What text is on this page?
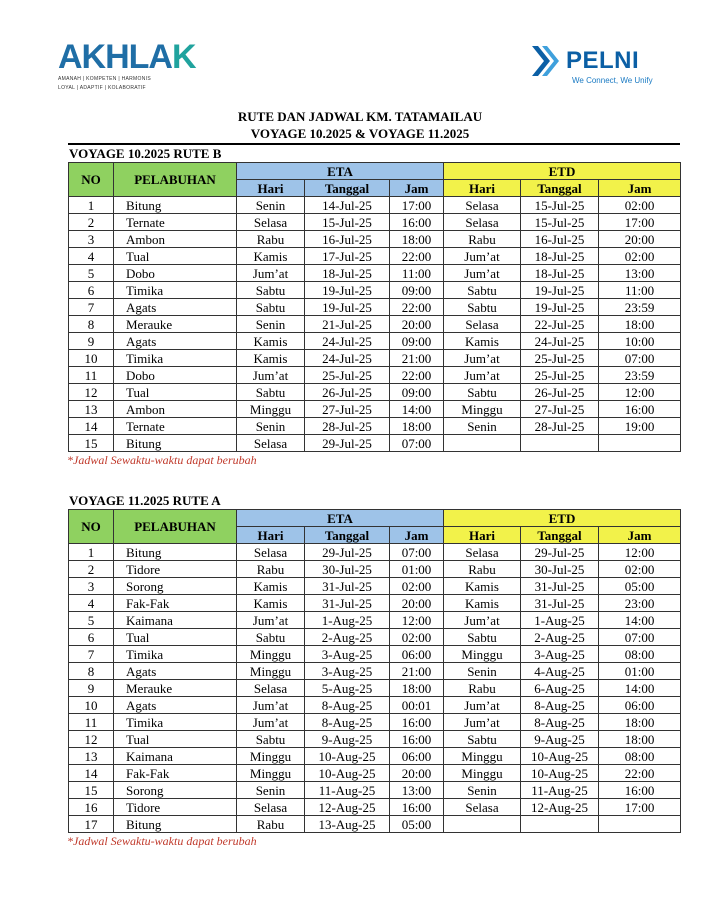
AKHLAK
AMANAH | KOMPETEN | HARMONIS
LOYAL | ADAPTIF | KOLABORATIF
PELNI
We Connect, We Unify
RUTE DAN JADWAL KM. TATAMAILAU
VOYAGE 10.2025 & VOYAGE 11.2025
VOYAGE 10.2025 RUTE B
NO	PELABUHAN	ETA			ETD		
		Hari	Tanggal	Jam	Hari	Tanggal	Jam
1	Bitung	Senin	14-Jul-25	17:00	Selasa	15-Jul-25	02:00
2	Ternate	Selasa	15-Jul-25	16:00	Selasa	15-Jul-25	17:00
3	Ambon	Rabu	16-Jul-25	18:00	Rabu	16-Jul-25	20:00
4	Tual	Kamis	17-Jul-25	22:00	Jum’at	18-Jul-25	02:00
5	Dobo	Jum’at	18-Jul-25	11:00	Jum’at	18-Jul-25	13:00
6	Timika	Sabtu	19-Jul-25	09:00	Sabtu	19-Jul-25	11:00
7	Agats	Sabtu	19-Jul-25	22:00	Sabtu	19-Jul-25	23:59
8	Merauke	Senin	21-Jul-25	20:00	Selasa	22-Jul-25	18:00
9	Agats	Kamis	24-Jul-25	09:00	Kamis	24-Jul-25	10:00
10	Timika	Kamis	24-Jul-25	21:00	Jum’at	25-Jul-25	07:00
11	Dobo	Jum’at	25-Jul-25	22:00	Jum’at	25-Jul-25	23:59
12	Tual	Sabtu	26-Jul-25	09:00	Sabtu	26-Jul-25	12:00
13	Ambon	Minggu	27-Jul-25	14:00	Minggu	27-Jul-25	16:00
14	Ternate	Senin	28-Jul-25	18:00	Senin	28-Jul-25	19:00
15	Bitung	Selasa	29-Jul-25	07:00			
*Jadwal Sewaktu-waktu dapat berubah
VOYAGE 11.2025 RUTE A
NO	PELABUHAN	ETA			ETD		
		Hari	Tanggal	Jam	Hari	Tanggal	Jam
1	Bitung	Selasa	29-Jul-25	07:00	Selasa	29-Jul-25	12:00
2	Tidore	Rabu	30-Jul-25	01:00	Rabu	30-Jul-25	02:00
3	Sorong	Kamis	31-Jul-25	02:00	Kamis	31-Jul-25	05:00
4	Fak-Fak	Kamis	31-Jul-25	20:00	Kamis	31-Jul-25	23:00
5	Kaimana	Jum’at	1-Aug-25	12:00	Jum’at	1-Aug-25	14:00
6	Tual	Sabtu	2-Aug-25	02:00	Sabtu	2-Aug-25	07:00
7	Timika	Minggu	3-Aug-25	06:00	Minggu	3-Aug-25	08:00
8	Agats	Minggu	3-Aug-25	21:00	Senin	4-Aug-25	01:00
9	Merauke	Selasa	5-Aug-25	18:00	Rabu	6-Aug-25	14:00
10	Agats	Jum’at	8-Aug-25	00:01	Jum’at	8-Aug-25	06:00
11	Timika	Jum’at	8-Aug-25	16:00	Jum’at	8-Aug-25	18:00
12	Tual	Sabtu	9-Aug-25	16:00	Sabtu	9-Aug-25	18:00
13	Kaimana	Minggu	10-Aug-25	06:00	Minggu	10-Aug-25	08:00
14	Fak-Fak	Minggu	10-Aug-25	20:00	Minggu	10-Aug-25	22:00
15	Sorong	Senin	11-Aug-25	13:00	Senin	11-Aug-25	16:00
16	Tidore	Selasa	12-Aug-25	16:00	Selasa	12-Aug-25	17:00
17	Bitung	Rabu	13-Aug-25	05:00			
*Jadwal Sewaktu-waktu dapat berubah
